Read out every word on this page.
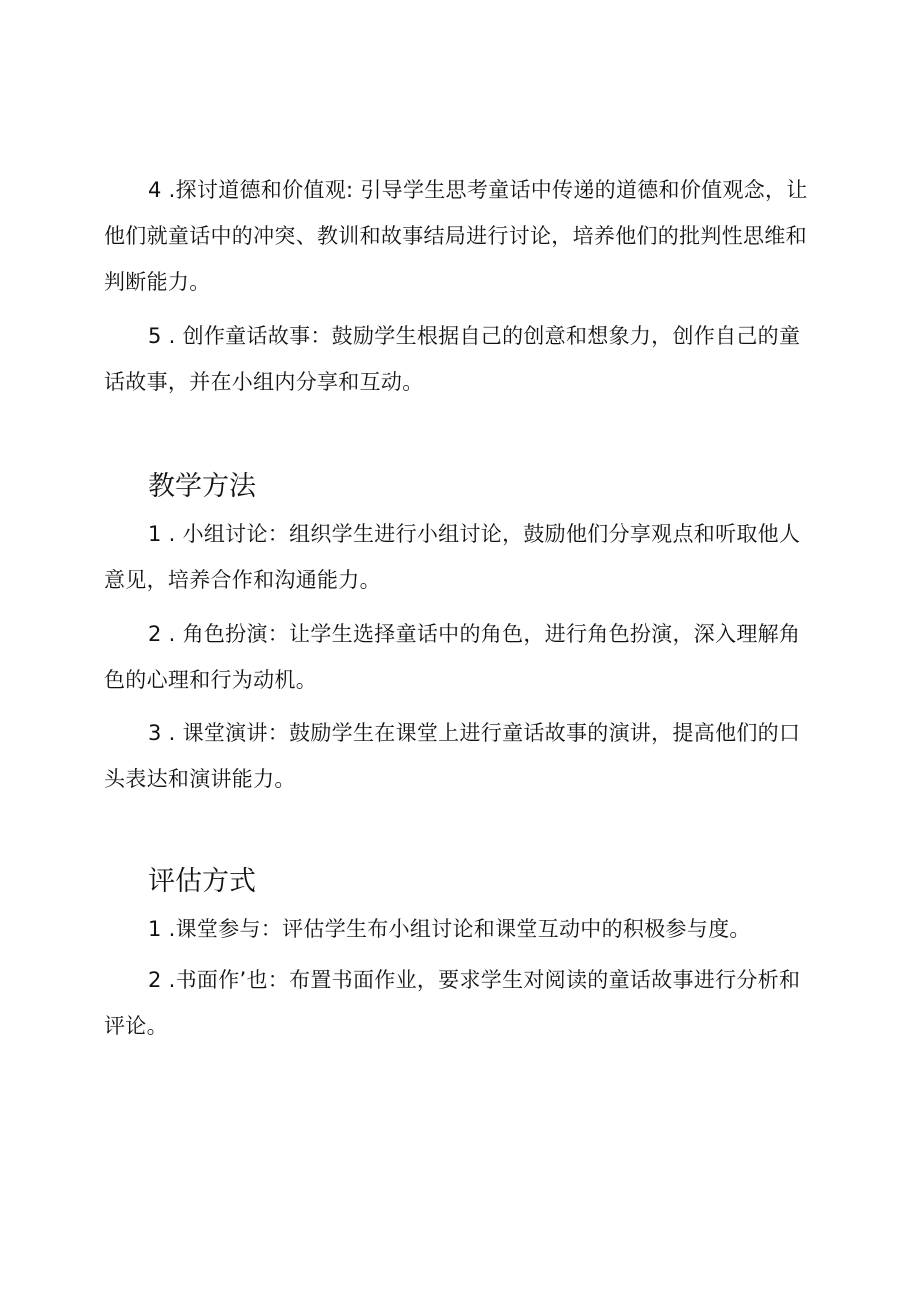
4 .探讨道德和价值观: 引导学生思考童话中传递的道德和价值观念，让他们就童话中的冲突、教训和故事结局进行讨论，培养他们的批判性思维和判断能力。

5 . 创作童话故事：鼓励学生根据自己的创意和想象力，创作自己的童话故事，并在小组内分享和互动。

教学方法

1 . 小组讨论：组织学生进行小组讨论，鼓励他们分享观点和听取他人意见，培养合作和沟通能力。

2 . 角色扮演：让学生选择童话中的角色，进行角色扮演，深入理解角色的心理和行为动机。

3 . 课堂演讲：鼓励学生在课堂上进行童话故事的演讲，提高他们的口头表达和演讲能力。

评估方式

1 .课堂参与：评估学生布小组讨论和课堂互动中的积极参与度。

2 .书面作’也：布置书面作业，要求学生对阅读的童话故事进行分析和评论。
